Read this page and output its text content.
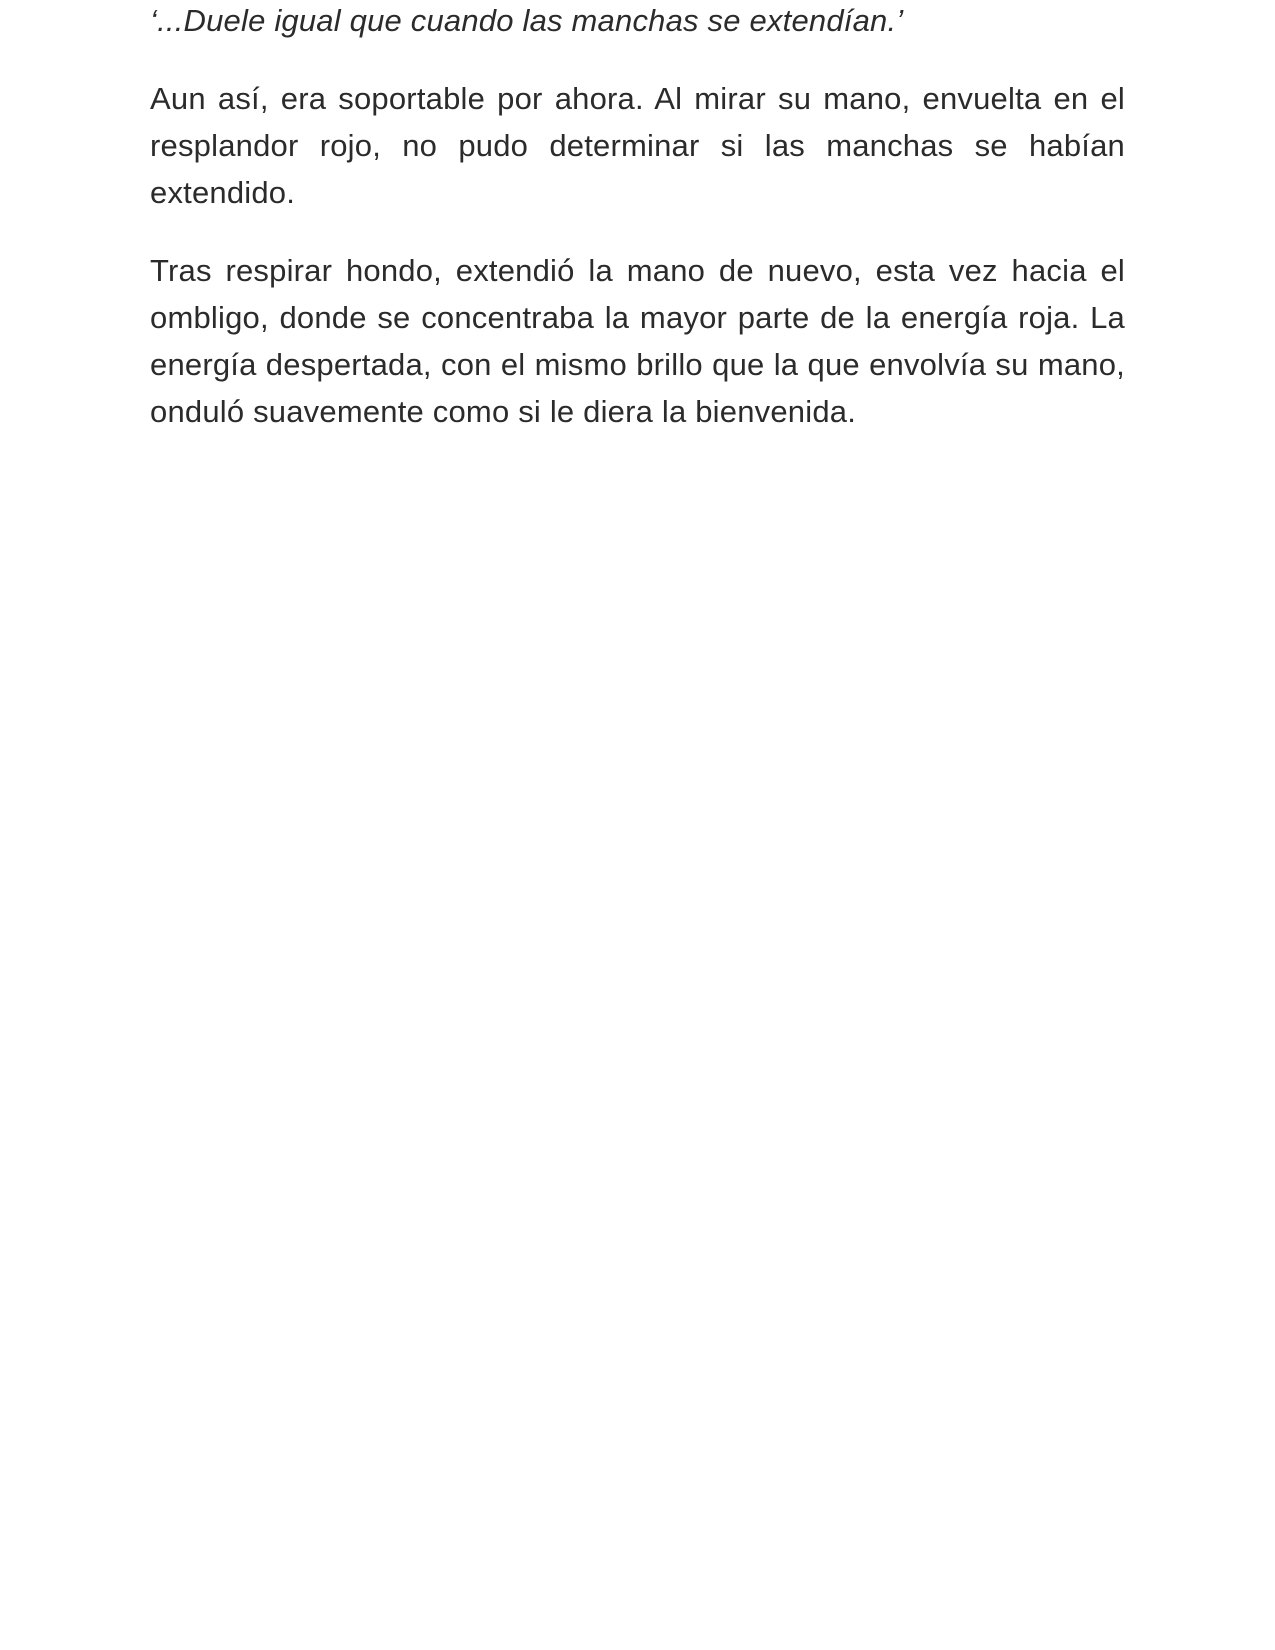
‘...Duele igual que cuando las manchas se extendían.’

Aun así, era soportable por ahora. Al mirar su mano, envuelta en el resplandor rojo, no pudo determinar si las manchas se habían extendido.

Tras respirar hondo, extendió la mano de nuevo, esta vez hacia el ombligo, donde se concentraba la mayor parte de la energía roja. La energía despertada, con el mismo brillo que la que envolvía su mano, onduló suavemente como si le diera la bienvenida.
